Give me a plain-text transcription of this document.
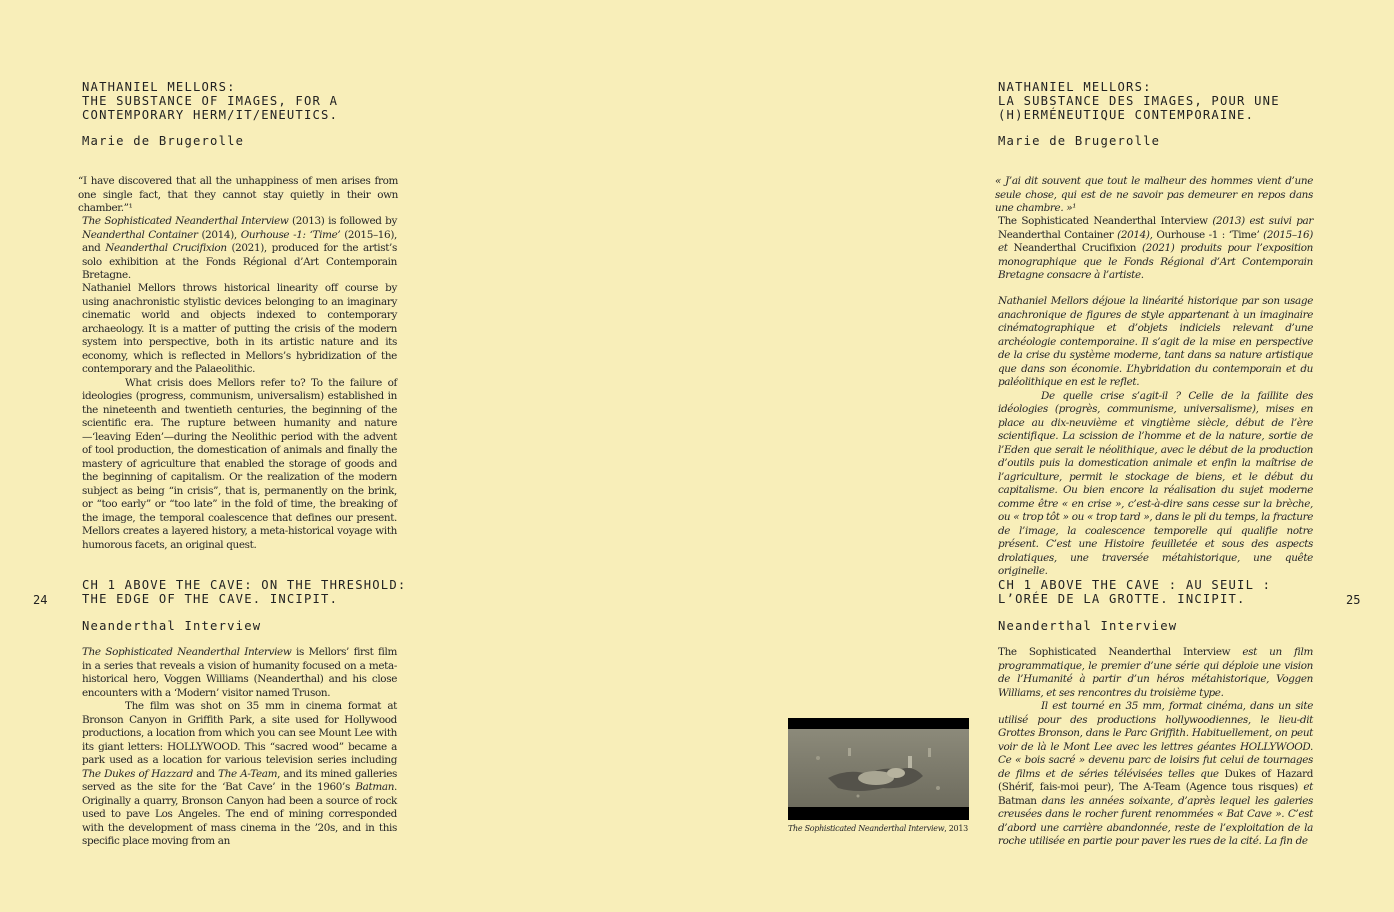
NATHANIEL MELLORS:
THE SUBSTANCE OF IMAGES, FOR A
CONTEMPORARY HERM/IT/ENEUTICS.
Marie de Brugerolle

“I have discovered that all the unhappiness of men arises from one single fact, that they cannot stay quietly in their own chamber.”¹

The Sophisticated Neanderthal Interview (2013) is followed by Neanderthal Container (2014), Ourhouse -1: ‘Time’ (2015–16), and Neanderthal Crucifixion (2021), produced for the artist’s solo exhibition at the Fonds Régional d’Art Contemporain Bretagne.

Nathaniel Mellors throws historical linearity off course by using anachronistic stylistic devices belonging to an imaginary cinematic world and objects indexed to contemporary archaeology. It is a matter of putting the crisis of the modern system into perspective, both in its artistic nature and its economy, which is reflected in Mellors’s hybridization of the contemporary and the Palaeolithic.

What crisis does Mellors refer to? To the failure of ideologies (progress, communism, universalism) established in the nineteenth and twentieth centuries, the beginning of the scientific era. The rupture between humanity and nature—‘leaving Eden’—during the Neolithic period with the advent of tool production, the domestication of animals and finally the mastery of agriculture that enabled the storage of goods and the beginning of capitalism. Or the realization of the modern subject as being “in crisis”, that is, permanently on the brink, or “too early” or “too late” in the fold of time, the breaking of the image, the temporal coalescence that defines our present. Mellors creates a layered history, a meta-historical voyage with humorous facets, an original quest.

CH 1 ABOVE THE CAVE: ON THE THRESHOLD:
THE EDGE OF THE CAVE. INCIPIT.
24
Neanderthal Interview

The Sophisticated Neanderthal Interview is Mellors’ first film in a series that reveals a vision of humanity focused on a meta-historical hero, Voggen Williams (Neanderthal) and his close encounters with a ‘Modern’ visitor named Truson.

The film was shot on 35 mm in cinema format at Bronson Canyon in Griffith Park, a site used for Hollywood productions, a location from which you can see Mount Lee with its giant letters: HOLLYWOOD. This “sacred wood” became a park used as a location for various television series including The Dukes of Hazzard and The A-Team, and its mined galleries served as the site for the ‘Bat Cave’ in the 1960’s Batman. Originally a quarry, Bronson Canyon had been a source of rock used to pave Los Angeles. The end of mining corresponded with the development of mass cinema in the ’20s, and in this specific place moving from an

NATHANIEL MELLORS:
LA SUBSTANCE DES IMAGES, POUR UNE
(H)ERMÉNEUTIQUE CONTEMPORAINE.
Marie de Brugerolle

« J’ai dit souvent que tout le malheur des hommes vient d’une seule chose, qui est de ne savoir pas demeurer en repos dans une chambre. »¹

The Sophisticated Neanderthal Interview (2013) est suivi par Neanderthal Container (2014), Ourhouse -1 : ‘Time’ (2015–16) et Neanderthal Crucifixion (2021) produits pour l’exposition monographique que le Fonds Régional d’Art Contemporain Bretagne consacre à l’artiste.

Nathaniel Mellors déjoue la linéarité historique par son usage anachronique de figures de style appartenant à un imaginaire cinématographique et d’objets indiciels relevant d’une archéologie contemporaine. Il s’agit de la mise en perspective de la crise du système moderne, tant dans sa nature artistique que dans son économie. L’hybridation du contemporain et du paléolithique en est le reflet.

De quelle crise s’agit-il ? Celle de la faillite des idéologies (progrès, communisme, universalisme), mises en place au dix-neuvième et vingtième siècle, début de l’ère scientifique. La scission de l’homme et de la nature, sortie de l’Eden que serait le néolithique, avec le début de la production d’outils puis la domestication animale et enfin la maîtrise de l’agriculture, permit le stockage de biens, et le début du capitalisme. Ou bien encore la réalisation du sujet moderne comme être « en crise », c’est-à-dire sans cesse sur la brèche, ou « trop tôt » ou « trop tard », dans le pli du temps, la fracture de l’image, la coalescence temporelle qui qualifie notre présent. C’est une Histoire feuilletée et sous des aspects drolatiques, une traversée métahistorique, une quête originelle.

CH 1 ABOVE THE CAVE : AU SEUIL :
L’ORÉE DE LA GROTTE. INCIPIT.	25
Neanderthal Interview

The Sophisticated Neanderthal Interview est un film programmatique, le premier d’une série qui déploie une vision de l’Humanité à partir d’un héros métahistorique, Voggen Williams, et ses rencontres du troisième type.

Il est tourné en 35 mm, format cinéma, dans un site utilisé pour des productions hollywoodiennes, le lieu-dit Grottes Bronson, dans le Parc Griffith. Habituellement, on peut voir de là le Mont Lee avec les lettres géantes HOLLYWOOD. Ce « bois sacré » devenu parc de loisirs fut celui de tournages de films et de séries télévisées telles que Dukes of Hazard (Shérif, fais-moi peur), The A-Team (Agence tous risques) et Batman dans les années soixante, d’après lequel les galeries creusées dans le rocher furent renommées « Bat Cave ». C’est d’abord une carrière abandonnée, reste de l’exploitation de la roche utilisée en partie pour paver les rues de la cité. La fin de

The Sophisticated Neanderthal Interview, 2013
